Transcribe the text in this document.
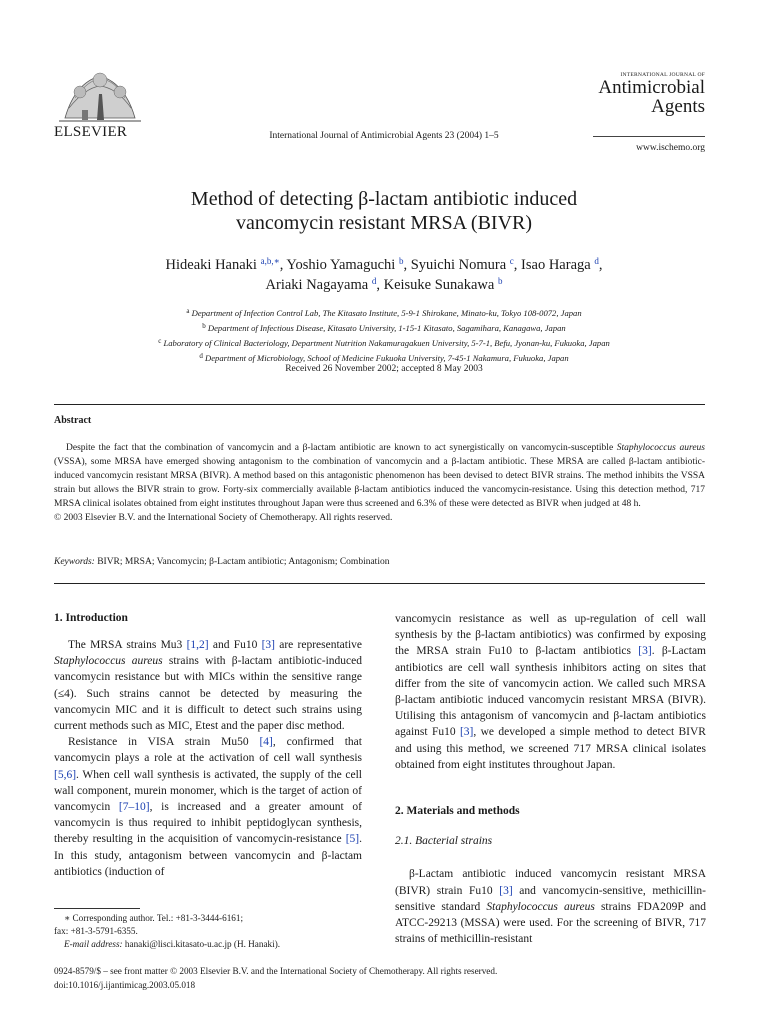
ELSEVIER	International Journal of Antimicrobial Agents 23 (2004) 1–5
INTERNATIONAL JOURNAL OF
Antimicrobial
Agents
www.ischemo.org
Method of detecting β-lactam antibiotic induced
vancomycin resistant MRSA (BIVR)
Hideaki Hanaki $^{a,b,∗}$, Yoshio Yamaguchi $^b$, Syuichi Nomura $^c$, Isao Haraga $^d$,
Ariaki Nagayama $^d$, Keisuke Sunakawa $^b$
$^a$ Department of Infection Control Lab, The Kitasato Institute, 5-9-1 Shirokane, Minato-ku, Tokyo 108-0072, Japan
$^b$ Department of Infectious Disease, Kitasato University, 1-15-1 Kitasato, Sagamihara, Kanagawa, Japan
$^c$ Laboratory of Clinical Bacteriology, Department Nutrition Nakamuragakuen University, 5-7-1, Befu, Jyonan-ku, Fukuoka, Japan
$^d$ Department of Microbiology, School of Medicine Fukuoka University, 7-45-1 Nakamura, Fukuoka, Japan
Received 26 November 2002; accepted 8 May 2003
Abstract

Despite the fact that the combination of vancomycin and a β-lactam antibiotic are known to act synergistically on vancomycin-susceptible Staphylococcus aureus (VSSA), some MRSA have emerged showing antagonism to the combination of vancomycin and a β-lactam antibiotic. These MRSA are called β-lactam antibiotic-induced vancomycin resistant MRSA (BIVR). A method based on this antagonistic phenomenon has been devised to detect BIVR strains. The method inhibits the VSSA strain but allows the BIVR strain to grow. Forty-six commercially available β-lactam antibiotics induced the vancomycin-resistance. Using this detection method, 717 MRSA clinical isolates obtained from eight institutes throughout Japan were thus screened and 6.3% of these were detected as BIVR when judged at 48 h.

© 2003 Elsevier B.V. and the International Society of Chemotherapy. All rights reserved.
Keywords: BIVR; MRSA; Vancomycin; β-Lactam antibiotic; Antagonism; Combination
1. Introduction

The MRSA strains Mu3 [1,2] and Fu10 [3] are representative Staphylococcus aureus strains with β-lactam antibiotic-induced vancomycin resistance but with MICs within the sensitive range (≤4). Such strains cannot be detected by measuring the vancomycin MIC and it is difficult to detect such strains using current methods such as MIC, Etest and the paper disc method.

Resistance in VISA strain Mu50 [4], confirmed that vancomycin plays a role at the activation of cell wall synthesis [5,6]. When cell wall synthesis is activated, the supply of the cell wall component, murein monomer, which is the target of action of vancomycin [7–10], is increased and a greater amount of vancomycin is thus required to inhibit peptidoglycan synthesis, thereby resulting in the acquisition of vancomycin-resistance [5]. In this study, antagonism between vancomycin and β-lactam antibiotics (induction of

∗ Corresponding author. Tel.: +81-3-3444-6161;
fax: +81-3-5791-6355.
E-mail address: hanaki@lisci.kitasato-u.ac.jp (H. Hanaki).

vancomycin resistance as well as up-regulation of cell wall synthesis by the β-lactam antibiotics) was confirmed by exposing the MRSA strain Fu10 to β-lactam antibiotics [3]. β-Lactam antibiotics are cell wall synthesis inhibitors acting on sites that differ from the site of vancomycin action. We called such MRSA β-lactam antibiotic induced vancomycin resistant MRSA (BIVR). Utilising this antagonism of vancomycin and β-lactam antibiotics against Fu10 [3], we developed a simple method to detect BIVR and using this method, we screened 717 MRSA clinical isolates obtained from eight institutes throughout Japan.

2. Materials and methods
2.1. Bacterial strains

β-Lactam antibiotic induced vancomycin resistant MRSA (BIVR) strain Fu10 [3] and vancomycin-sensitive, methicillin-sensitive standard Staphylococcus aureus strains FDA209P and ATCC-29213 (MSSA) were used. For the screening of BIVR, 717 strains of methicillin-resistant

0924-8579/$ – see front matter © 2003 Elsevier B.V. and the International Society of Chemotherapy. All rights reserved.
doi:10.1016/j.ijantimicag.2003.05.018
